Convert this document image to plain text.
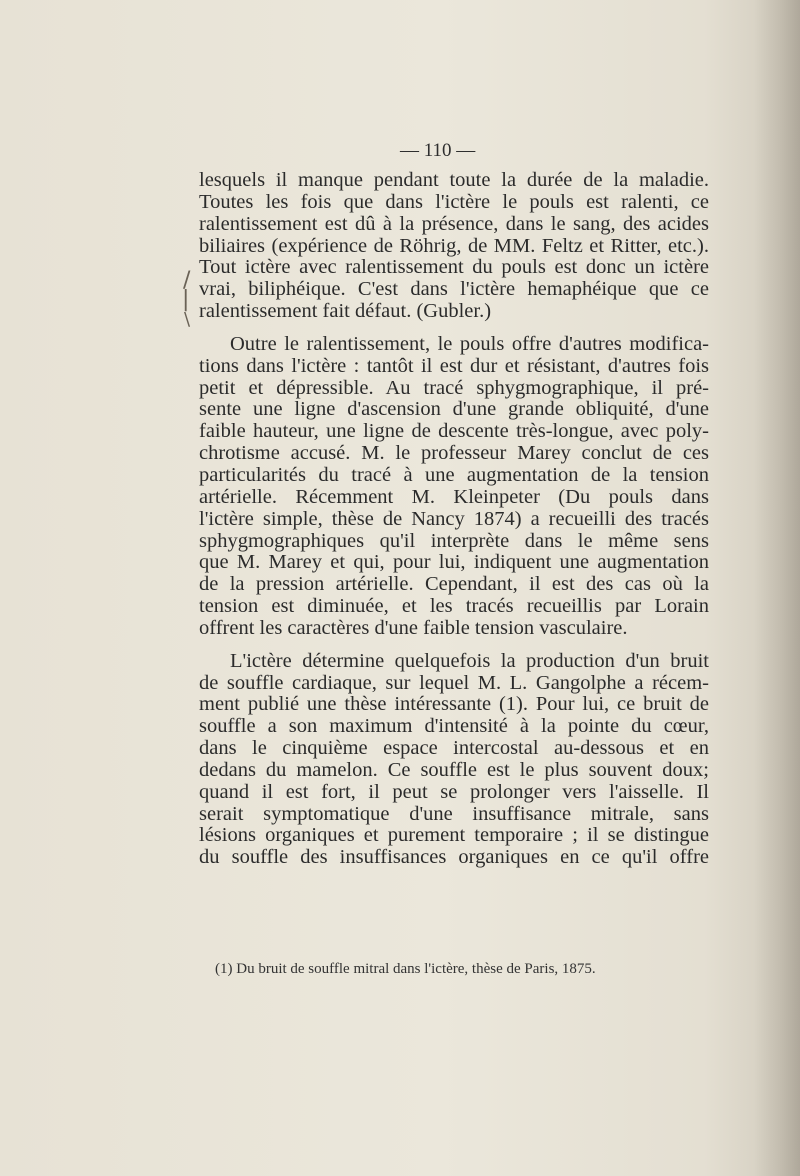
— 110 —

lesquels il manque pendant toute la durée de la maladie.

Toutes les fois que dans l'ictère le pouls est ralenti, ce

ralentissement est dû à la présence, dans le sang, des acides

biliaires (expérience de Röhrig, de MM. Feltz et Ritter, etc.).

Tout ictère avec ralentissement du pouls est donc un ictère

vrai, biliphéique. C'est dans l'ictère hemaphéique que ce

ralentissement fait défaut. (Gubler.)

Outre le ralentissement, le pouls offre d'autres modifica-

tions dans l'ictère : tantôt il est dur et résistant, d'autres fois

petit et dépressible. Au tracé sphygmographique, il pré-

sente une ligne d'ascension d'une grande obliquité, d'une

faible hauteur, une ligne de descente très-longue, avec poly-

chrotisme accusé. M. le professeur Marey conclut de ces

particularités du tracé à une augmentation de la tension

artérielle. Récemment M. Kleinpeter (Du pouls dans

l'ictère simple, thèse de Nancy 1874) a recueilli des tracés

sphygmographiques qu'il interprète dans le même sens

que M. Marey et qui, pour lui, indiquent une augmentation

de la pression artérielle. Cependant, il est des cas où la

tension est diminuée, et les tracés recueillis par Lorain

offrent les caractères d'une faible tension vasculaire.

L'ictère détermine quelquefois la production d'un bruit

de souffle cardiaque, sur lequel M. L. Gangolphe a récem-

ment publié une thèse intéressante (1). Pour lui, ce bruit de

souffle a son maximum d'intensité à la pointe du cœur,

dans le cinquième espace intercostal au-dessous et en

dedans du mamelon. Ce souffle est le plus souvent doux;

quand il est fort, il peut se prolonger vers l'aisselle. Il

serait symptomatique d'une insuffisance mitrale, sans

lésions organiques et purement temporaire ; il se distingue

du souffle des insuffisances organiques en ce qu'il offre

(1) Du bruit de souffle mitral dans l'ictère, thèse de Paris, 1875.

/
|
\
